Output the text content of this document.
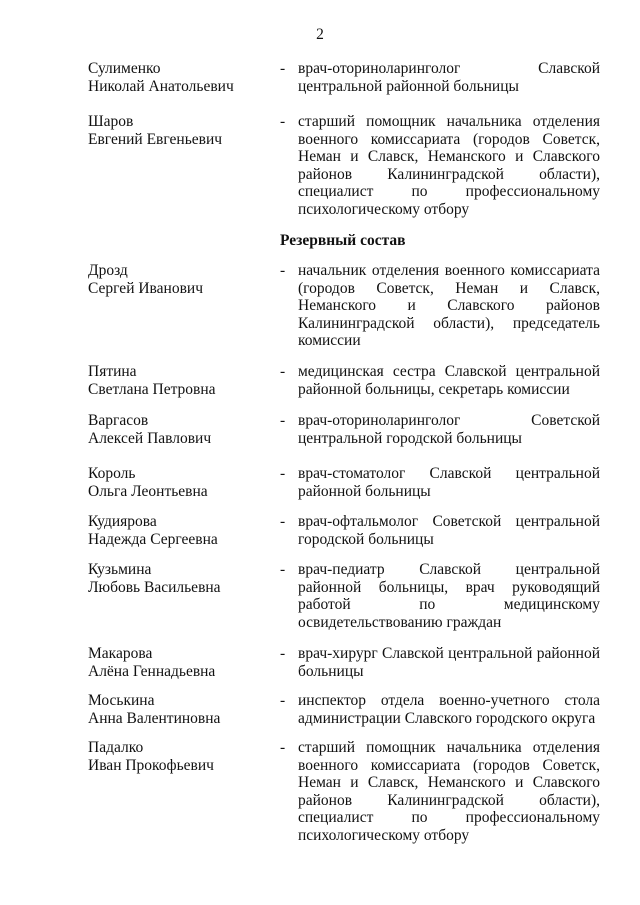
2
Сулименко
Николай Анатольевич
- врач-оториноларинголог Славской
центральной районной больницы
Шаров
Евгений Евгеньевич
- старший помощник начальника отделения
военного комиссариата (городов Советск,
Неман и Славск, Неманского и Славского
районов Калининградской области),
специалист по профессиональному
психологическому отбору
Резервный состав
Дрозд
Сергей Иванович
- начальник отделения военного комиссариата
(городов Советск, Неман и Славск,
Неманского и Славского районов
Калининградской области), председатель
комиссии
Пятина
Светлана Петровна
- медицинская сестра Славской центральной
районной больницы, секретарь комиссии
Варгасов
Алексей Павлович
- врач-оториноларинголог Советской
центральной городской больницы
Король
Ольга Леонтьевна
- врач-стоматолог Славской центральной
районной больницы
Кудиярова
Надежда Сергеевна
- врач-офтальмолог Советской центральной
городской больницы
Кузьмина
Любовь Васильевна
- врач-педиатр Славской центральной
районной больницы, врач руководящий
работой по медицинскому
освидетельствованию граждан
Макарова
Алёна Геннадьевна
- врач-хирург Славской центральной районной
больницы
Моськина
Анна Валентиновна
- инспектор отдела военно-учетного стола
администрации Славского городского округа
Падалко
Иван Прокофьевич
- старший помощник начальника отделения
военного комиссариата (городов Советск,
Неман и Славск, Неманского и Славского
районов Калининградской области),
специалист по профессиональному
психологическому отбору
